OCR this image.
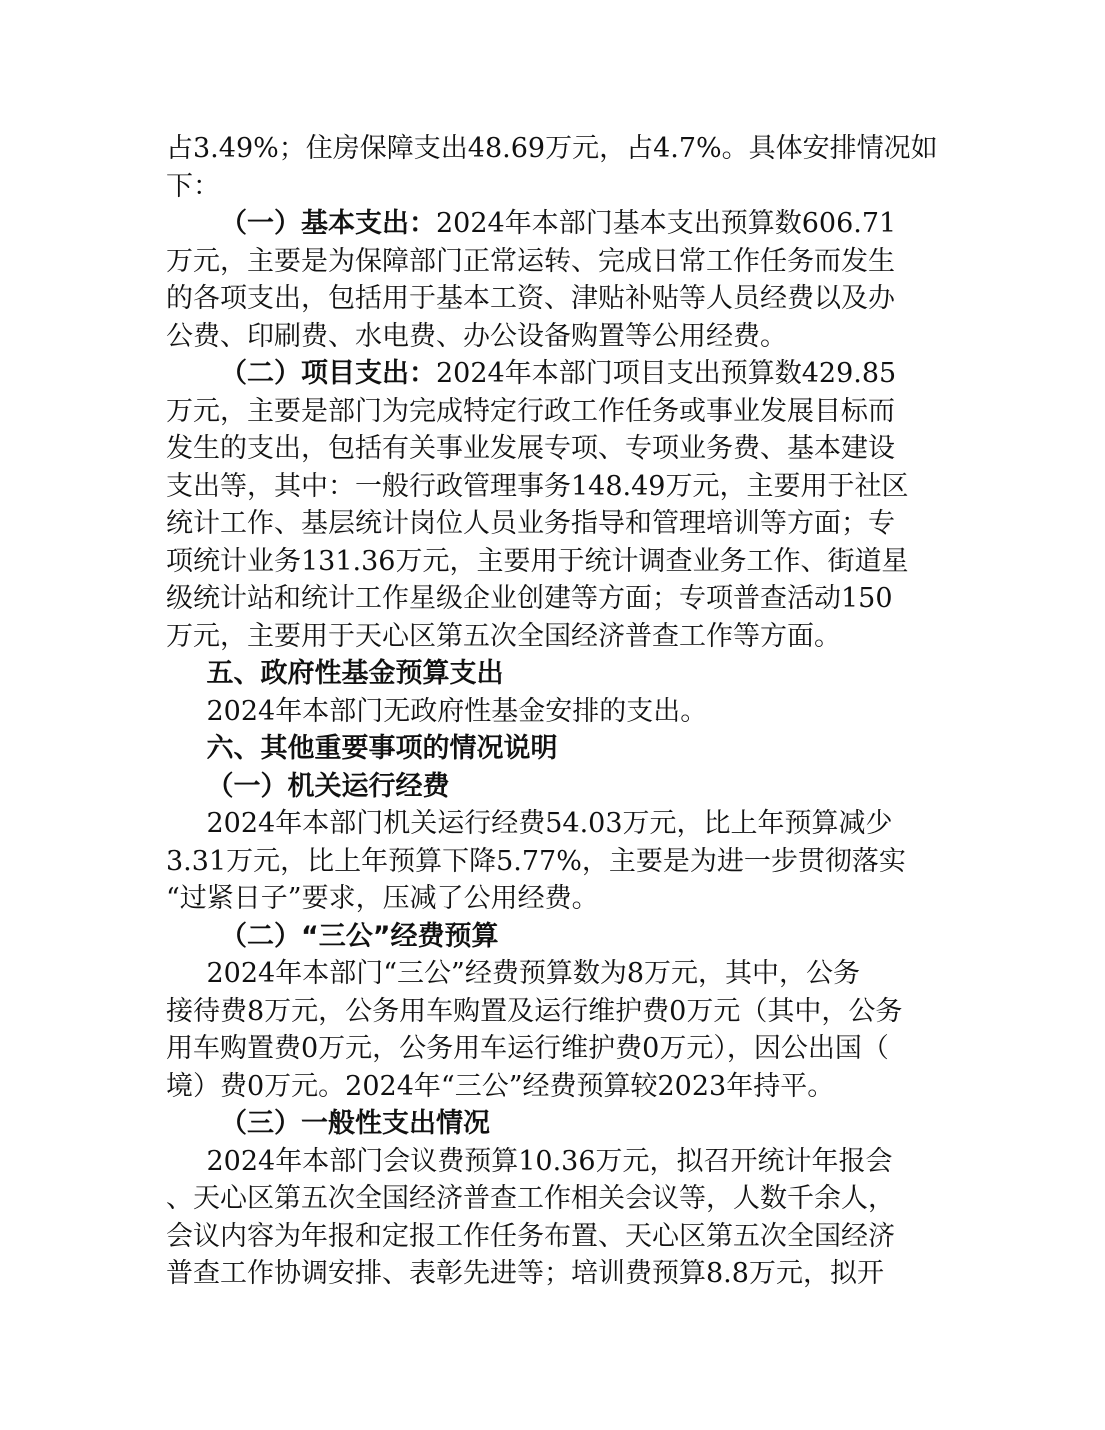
占3.49%；住房保障支出48.69万元，占4.7%。具体安排情况如
下：
（一）基本支出：2024年本部门基本支出预算数606.71
万元，主要是为保障部门正常运转、完成日常工作任务而发生
的各项支出，包括用于基本工资、津贴补贴等人员经费以及办
公费、印刷费、水电费、办公设备购置等公用经费。
（二）项目支出：2024年本部门项目支出预算数429.85
万元，主要是部门为完成特定行政工作任务或事业发展目标而
发生的支出，包括有关事业发展专项、专项业务费、基本建设
支出等，其中：一般行政管理事务148.49万元，主要用于社区
统计工作、基层统计岗位人员业务指导和管理培训等方面；专
项统计业务131.36万元，主要用于统计调查业务工作、街道星
级统计站和统计工作星级企业创建等方面；专项普查活动150
万元，主要用于天心区第五次全国经济普查工作等方面。
五、政府性基金预算支出
2024年本部门无政府性基金安排的支出。
六、其他重要事项的情况说明
（一）机关运行经费
2024年本部门机关运行经费54.03万元，比上年预算减少
3.31万元，比上年预算下降5.77%，主要是为进一步贯彻落实
“过紧日子”要求，压减了公用经费。
（二）“三公”经费预算
2024年本部门“三公”经费预算数为8万元，其中，公务
接待费8万元，公务用车购置及运行维护费0万元（其中，公务
用车购置费0万元，公务用车运行维护费0万元），因公出国（
境）费0万元。2024年“三公”经费预算较2023年持平。
（三）一般性支出情况
2024年本部门会议费预算10.36万元，拟召开统计年报会
、天心区第五次全国经济普查工作相关会议等，人数千余人，
会议内容为年报和定报工作任务布置、天心区第五次全国经济
普查工作协调安排、表彰先进等；培训费预算8.8万元，拟开
